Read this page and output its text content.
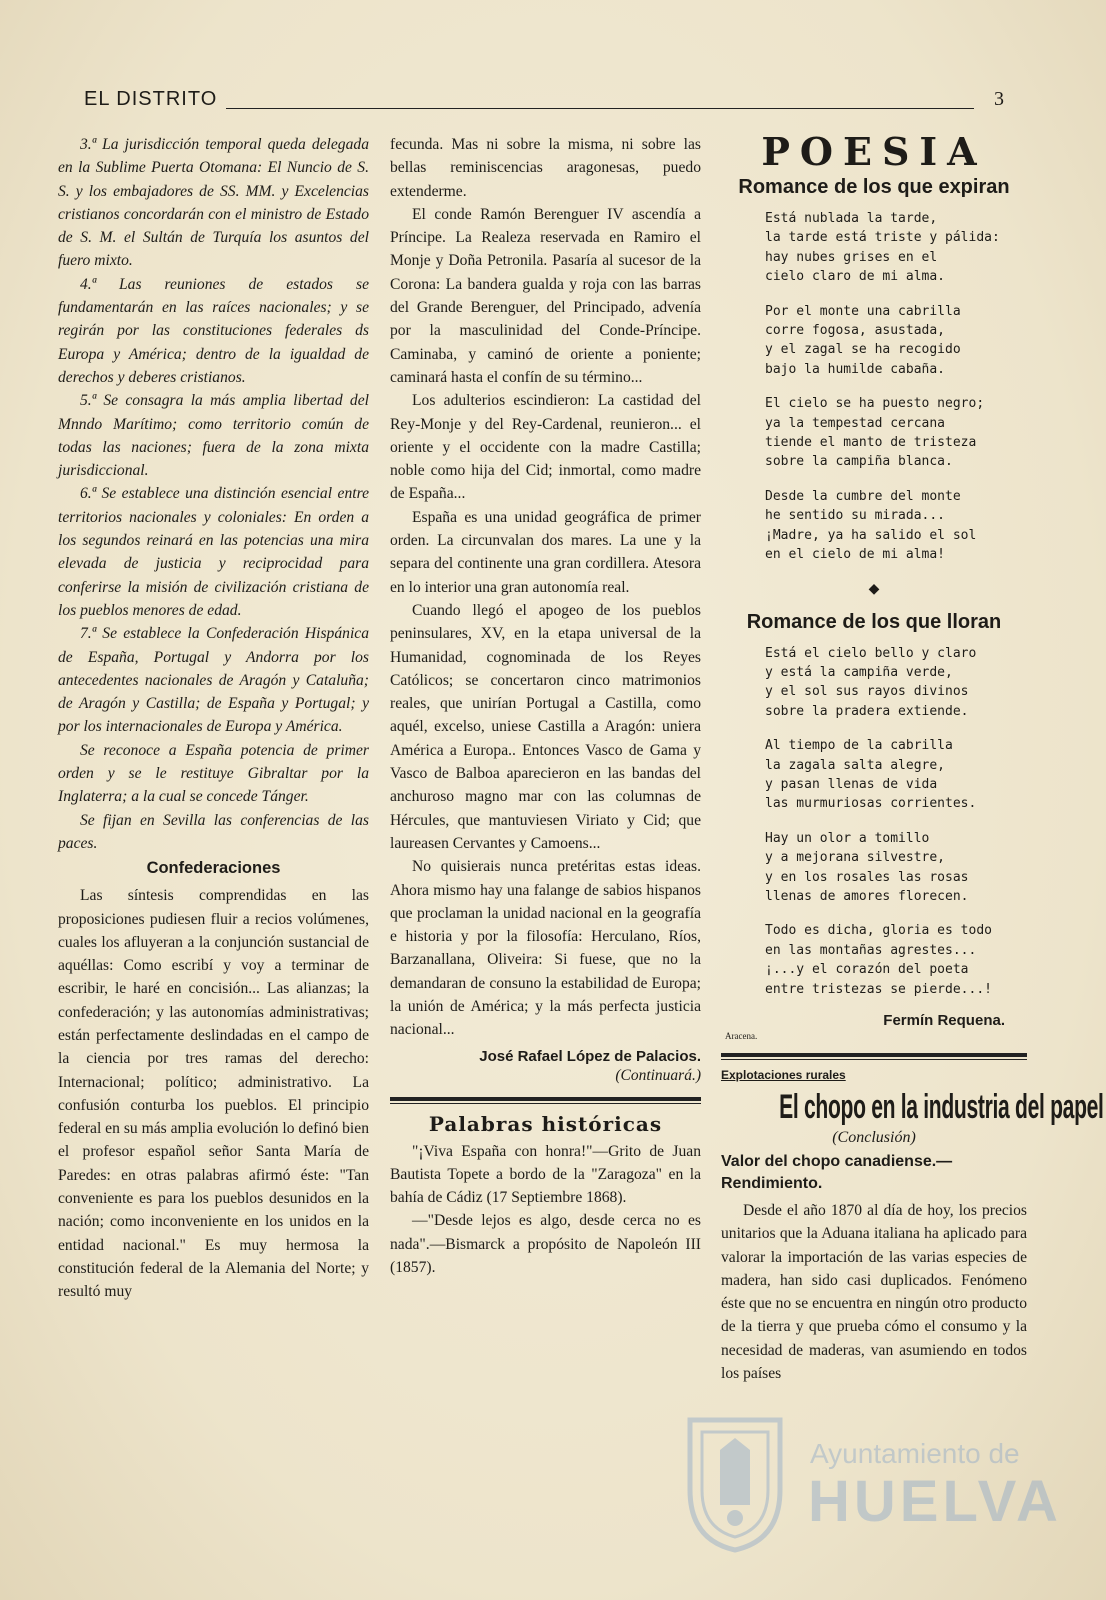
EL DISTRITO	3

3.ª La jurisdicción temporal queda delegada en la Sublime Puerta Otomana: El Nuncio de S. S. y los embajadores de SS. MM. y Excelencias cristianos concordarán con el ministro de Estado de S. M. el Sultán de Turquía los asuntos del fuero mixto.

4.ª Las reuniones de estados se fundamentarán en las raíces nacionales; y se regirán por las constituciones federales ds Europa y América; dentro de la igualdad de derechos y deberes cristianos.

5.ª Se consagra la más amplia libertad del Mnndo Marítimo; como territorio común de todas las naciones; fuera de la zona mixta jurisdiccional.

6.ª Se establece una distinción esencial entre territorios nacionales y coloniales: En orden a los segundos reinará en las potencias una mira elevada de justicia y reciprocidad para conferirse la misión de civilización cristiana de los pueblos menores de edad.

7.ª Se establece la Confederación Hispánica de España, Portugal y Andorra por los antecedentes nacionales de Aragón y Cataluña; de Aragón y Castilla; de España y Portugal; y por los internacionales de Europa y América.

Se reconoce a España potencia de primer orden y se le restituye Gibraltar por la Inglaterra; a la cual se concede Tánger.

Se fijan en Sevilla las conferencias de las paces.

Confederaciones

Las síntesis comprendidas en las proposiciones pudiesen fluir a recios volúmenes, cuales los afluyeran a la conjunción sustancial de aquéllas: Como escribí y voy a terminar de escribir, le haré en concisión... Las alianzas; la confederación; y las autonomías administrativas; están perfectamente deslindadas en el campo de la ciencia por tres ramas del derecho: Internacional; político; administrativo. La confusión conturba los pueblos. El principio federal en su más amplia evolución lo definó bien el profesor español señor Santa María de Paredes: en otras palabras afirmó éste: "Tan conveniente es para los pueblos desunidos en la nación; como inconveniente en los unidos en la entidad nacional." Es muy hermosa la constitución federal de la Alemania del Norte; y resultó muy

fecunda. Mas ni sobre la misma, ni sobre las bellas reminiscencias aragonesas, puedo extenderme.

El conde Ramón Berenguer IV ascendía a Príncipe. La Realeza reservada en Ramiro el Monje y Doña Petronila. Pasaría al sucesor de la Corona: La bandera gualda y roja con las barras del Grande Berenguer, del Principado, advenía por la masculinidad del Conde-Príncipe. Caminaba, y caminó de oriente a poniente; caminará hasta el confín de su término...

Los adulterios escindieron: La castidad del Rey-Monje y del Rey-Cardenal, reunieron... el oriente y el occidente con la madre Castilla; noble como hija del Cid; inmortal, como madre de España...

España es una unidad geográfica de primer orden. La circunvalan dos mares. La une y la separa del continente una gran cordillera. Atesora en lo interior una gran autonomía real.

Cuando llegó el apogeo de los pueblos peninsulares, XV, en la etapa universal de la Humanidad, cognominada de los Reyes Católicos; se concertaron cinco matrimonios reales, que unirían Portugal a Castilla, como aquél, excelso, uniese Castilla a Aragón: uniera América a Europa.. Entonces Vasco de Gama y Vasco de Balboa aparecieron en las bandas del anchuroso magno mar con las columnas de Hércules, que mantuviesen Viriato y Cid; que laureasen Cervantes y Camoens...

No quisierais nunca pretéritas estas ideas. Ahora mismo hay una falange de sabios hispanos que proclaman la unidad nacional en la geografía e historia y por la filosofía: Herculano, Ríos, Barzanallana, Oliveira: Si fuese, que no la demandaran de consuno la estabilidad de Europa; la unión de América; y la más perfecta justicia nacional...

José Rafael López de Palacios.
(Continuará.)
Palabras históricas

"¡Viva España con honra!"—Grito de Juan Bautista Topete a bordo de la "Zaragoza" en la bahía de Cádiz (17 Septiembre 1868).

—"Desde lejos es algo, desde cerca no es nada".—Bismarck a propósito de Napoleón III (1857).

POESIA
Romance de los que expiran
Está nublada la tarde,
la tarde está triste y pálida:
hay nubes grises en el
cielo claro de mi alma.
Por el monte una cabrilla
corre fogosa, asustada,
y el zagal se ha recogido
bajo la humilde cabaña.
El cielo se ha puesto negro;
ya la tempestad cercana
tiende el manto de tristeza
sobre la campiña blanca.
Desde la cumbre del monte
he sentido su mirada...
¡Madre, ya ha salido el sol
en el cielo de mi alma!
◆
Romance de los que lloran
Está el cielo bello y claro
y está la campiña verde,
y el sol sus rayos divinos
sobre la pradera extiende.
Al tiempo de la cabrilla
la zagala salta alegre,
y pasan llenas de vida
las murmuriosas corrientes.
Hay un olor a tomillo
y a mejorana silvestre,
y en los rosales las rosas
llenas de amores florecen.
Todo es dicha, gloria es todo
en las montañas agrestes...
¡...y el corazón del poeta
entre tristezas se pierde...!
Fermín Requena.
Aracena.
Explotaciones rurales
El chopo en la industria del papel
(Conclusión)
Valor del chopo canadiense.—Rendimiento.

Desde el año 1870 al día de hoy, los precios unitarios que la Aduana italiana ha aplicado para valorar la importación de las varias especies de madera, han sido casi duplicados. Fenómeno éste que no se encuentra en ningún otro producto de la tierra y que prueba cómo el consumo y la necesidad de maderas, van asumiendo en todos los países

Ayuntamiento de
HUELVA
